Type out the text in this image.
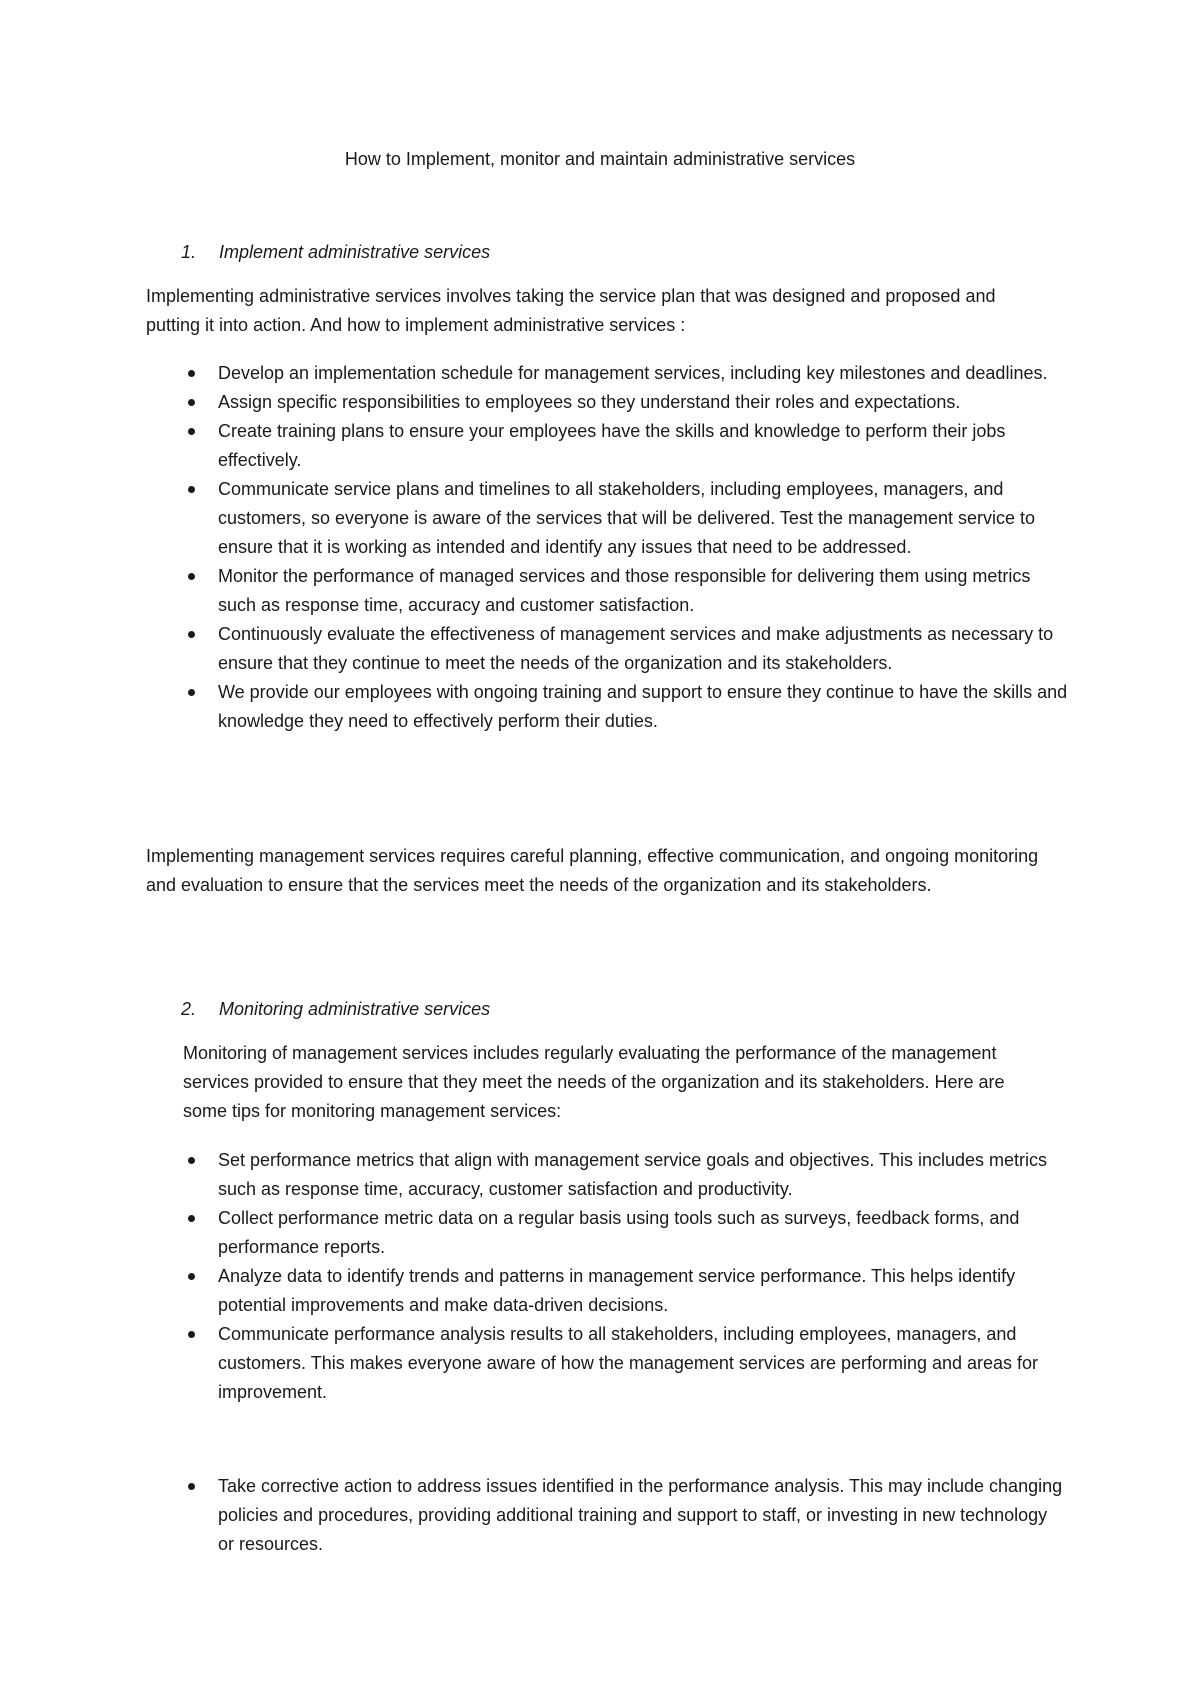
How to Implement, monitor and maintain administrative services
1.	Implement administrative services
Implementing administrative services involves taking the service plan that was designed and proposed and putting it into action. And how to implement administrative services :
Develop an implementation schedule for management services, including key milestones and deadlines.
Assign specific responsibilities to employees so they understand their roles and expectations.
Create training plans to ensure your employees have the skills and knowledge to perform their jobs effectively.
Communicate service plans and timelines to all stakeholders, including employees, managers, and customers, so everyone is aware of the services that will be delivered. Test the management service to ensure that it is working as intended and identify any issues that need to be addressed.
Monitor the performance of managed services and those responsible for delivering them using metrics such as response time, accuracy and customer satisfaction.
Continuously evaluate the effectiveness of management services and make adjustments as necessary to ensure that they continue to meet the needs of the organization and its stakeholders.
We provide our employees with ongoing training and support to ensure they continue to have the skills and knowledge they need to effectively perform their duties.
Implementing management services requires careful planning, effective communication, and ongoing monitoring and evaluation to ensure that the services meet the needs of the organization and its stakeholders.
2.	Monitoring administrative services
Monitoring of management services includes regularly evaluating the performance of the management services provided to ensure that they meet the needs of the organization and its stakeholders. Here are some tips for monitoring management services:
Set performance metrics that align with management service goals and objectives. This includes metrics such as response time, accuracy, customer satisfaction and productivity.
Collect performance metric data on a regular basis using tools such as surveys, feedback forms, and performance reports.
Analyze data to identify trends and patterns in management service performance. This helps identify potential improvements and make data-driven decisions.
Communicate performance analysis results to all stakeholders, including employees, managers, and customers. This makes everyone aware of how the management services are performing and areas for improvement.
Take corrective action to address issues identified in the performance analysis. This may include changing policies and procedures, providing additional training and support to staff, or investing in new technology or resources.
